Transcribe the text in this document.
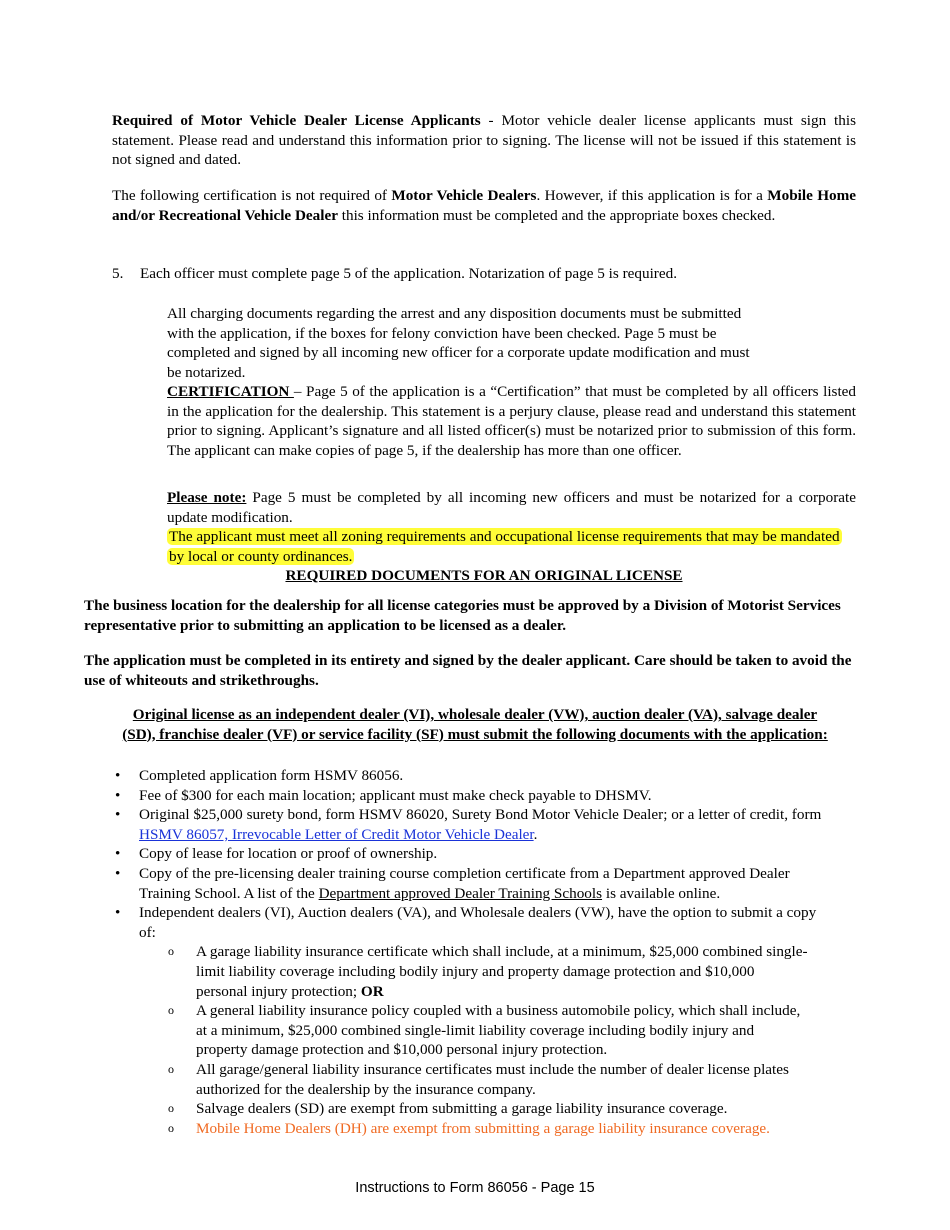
Required of Motor Vehicle Dealer License Applicants - Motor vehicle dealer license applicants must sign this statement. Please read and understand this information prior to signing. The license will not be issued if this statement is not signed and dated.

The following certification is not required of Motor Vehicle Dealers. However, if this application is for a Mobile Home and/or Recreational Vehicle Dealer this information must be completed and the appropriate boxes checked.

5. Each officer must complete page 5 of the application. Notarization of page 5 is required.

All charging documents regarding the arrest and any disposition documents must be submitted

with the application, if the boxes for felony conviction have been checked. Page 5 must be

completed and signed by all incoming new officer for a corporate update modification and must

be notarized.

CERTIFICATION – Page 5 of the application is a “Certification” that must be completed by all officers listed in the application for the dealership. This statement is a perjury clause, please read and understand this statement prior to signing. Applicant’s signature and all listed officer(s) must be notarized prior to submission of this form. The applicant can make copies of page 5, if the dealership has more than one officer.

Please note: Page 5 must be completed by all incoming new officers and must be notarized for a corporate update modification.

The applicant must meet all zoning requirements and occupational license requirements that may be mandated by local or county ordinances.

REQUIRED DOCUMENTS FOR AN ORIGINAL LICENSE

The business location for the dealership for all license categories must be approved by a Division of Motorist Services representative prior to submitting an application to be licensed as a dealer.

The application must be completed in its entirety and signed by the dealer applicant. Care should be taken to avoid the use of whiteouts and strikethroughs.

Original license as an independent dealer (VI), wholesale dealer (VW), auction dealer (VA), salvage dealer

(SD), franchise dealer (VF) or service facility (SF) must submit the following documents with the application:

• Completed application form HSMV 86056.
• Fee of $300 for each main location; applicant must make check payable to DHSMV.
• Original $25,000 surety bond, form HSMV 86020, Surety Bond Motor Vehicle Dealer; or a letter of credit, form HSMV 86057, Irrevocable Letter of Credit Motor Vehicle Dealer.
• Copy of lease for location or proof of ownership.
• Copy of the pre-licensing dealer training course completion certificate from a Department approved Dealer Training School. A list of the Department approved Dealer Training Schools is available online.
• Independent dealers (VI), Auction dealers (VA), and Wholesale dealers (VW), have the option to submit a copy of:
o A garage liability insurance certificate which shall include, at a minimum, $25,000 combined single-limit liability coverage including bodily injury and property damage protection and $10,000 personal injury protection; OR
o A general liability insurance policy coupled with a business automobile policy, which shall include, at a minimum, $25,000 combined single-limit liability coverage including bodily injury and property damage protection and $10,000 personal injury protection.
o All garage/general liability insurance certificates must include the number of dealer license plates authorized for the dealership by the insurance company.
o Salvage dealers (SD) are exempt from submitting a garage liability insurance coverage.
o Mobile Home Dealers (DH) are exempt from submitting a garage liability insurance coverage.
Instructions to Form 86056 - Page 15
